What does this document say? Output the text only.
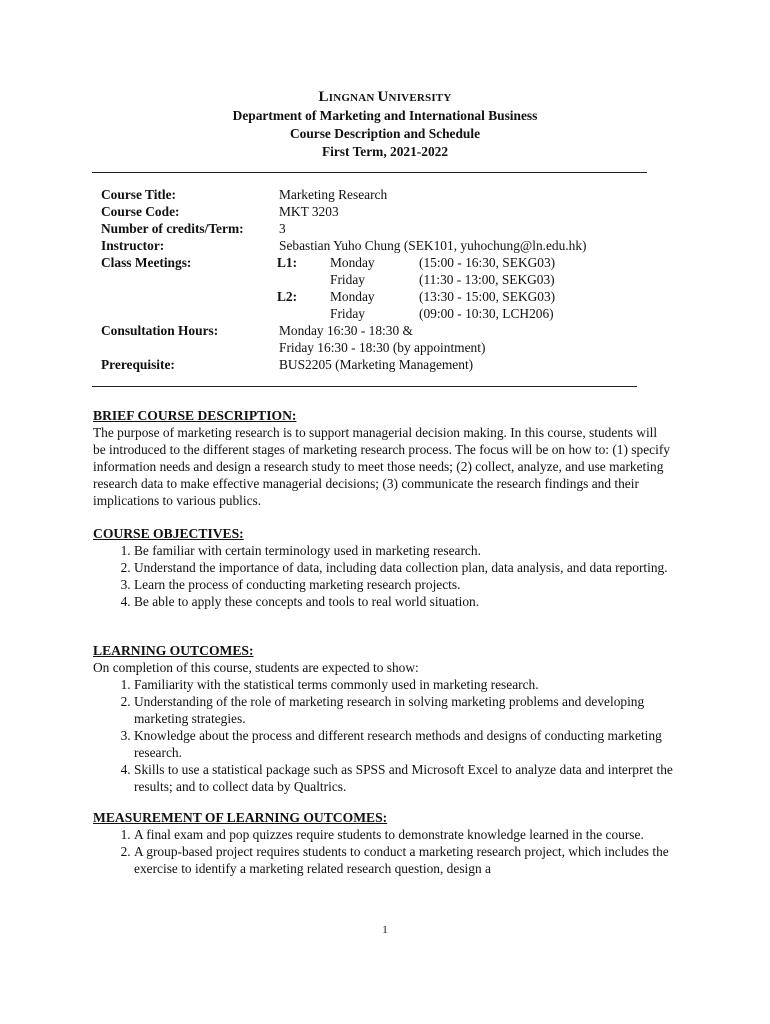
LINGNAN UNIVERSITY
Department of Marketing and International Business
Course Description and Schedule
First Term, 2021-2022
Course Title:	Marketing Research
Course Code:	MKT 3203
Number of credits/Term:	3
Instructor:	Sebastian Yuho Chung (SEK101, yuhochung@ln.edu.hk)
Class Meetings:	L1: Monday	(15:00 - 16:30, SEKG03)
Friday	(11:30 - 13:00, SEKG03)
L2: Monday	(13:30 - 15:00, SEKG03)
Friday	(09:00 - 10:30, LCH206)
Consultation Hours:	Monday 16:30 - 18:30 &
Friday 16:30 - 18:30 (by appointment)
Prerequisite:	BUS2205 (Marketing Management)
BRIEF COURSE DESCRIPTION:

The purpose of marketing research is to support managerial decision making. In this course, students will be introduced to the different stages of marketing research process. The focus will be on how to: (1) specify information needs and design a research study to meet those needs; (2) collect, analyze, and use marketing research data to make effective managerial decisions; (3) communicate the research findings and their implications to various publics.

COURSE OBJECTIVES:
1. Be familiar with certain terminology used in marketing research.
2. Understand the importance of data, including data collection plan, data analysis, and data reporting.
3. Learn the process of conducting marketing research projects.
4. Be able to apply these concepts and tools to real world situation.
LEARNING OUTCOMES:

On completion of this course, students are expected to show:

1. Familiarity with the statistical terms commonly used in marketing research.
2. Understanding of the role of marketing research in solving marketing problems and developing marketing strategies.
3. Knowledge about the process and different research methods and designs of conducting marketing research.
4. Skills to use a statistical package such as SPSS and Microsoft Excel to analyze data and interpret the results; and to collect data by Qualtrics.
MEASUREMENT OF LEARNING OUTCOMES:
1. A final exam and pop quizzes require students to demonstrate knowledge learned in the course.
2. A group-based project requires students to conduct a marketing research project, which includes the exercise to identify a marketing related research question, design a
1
